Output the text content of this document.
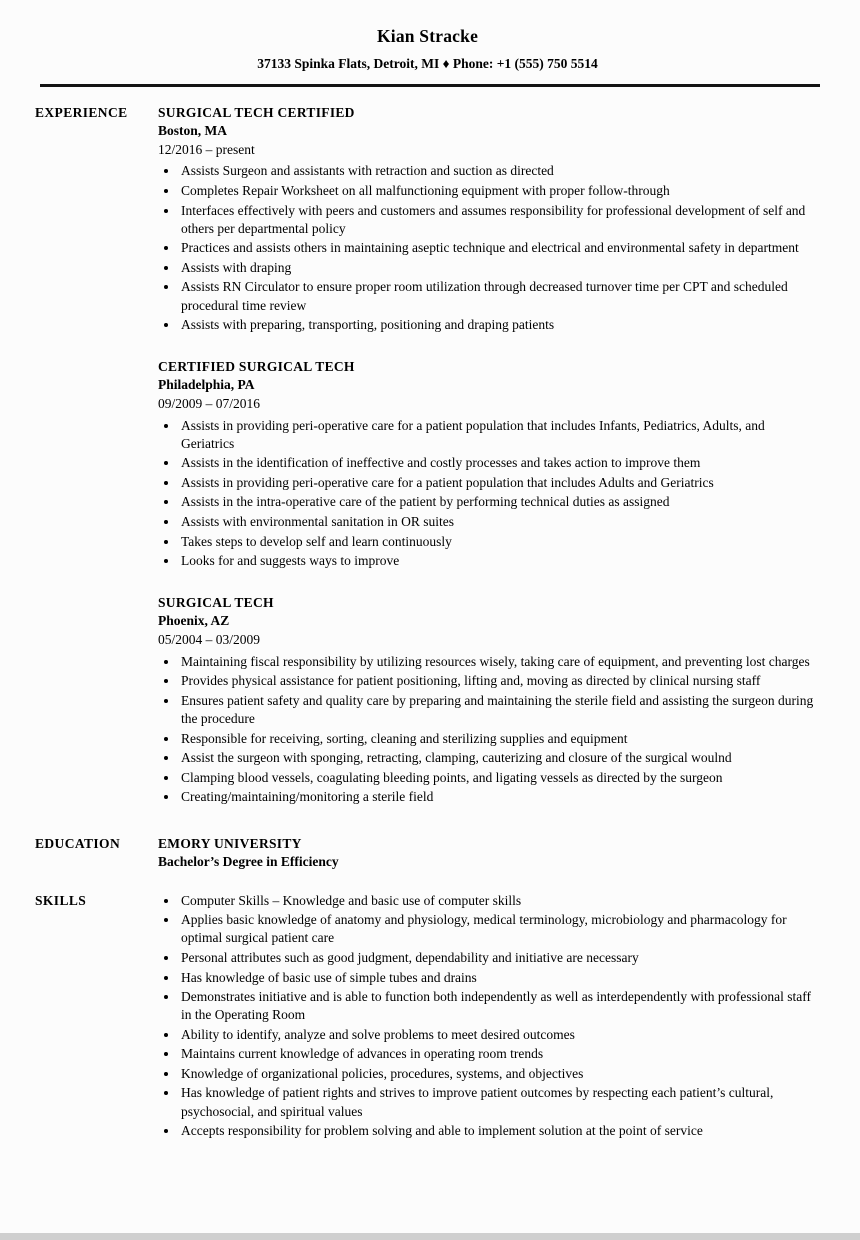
Kian Stracke
37133 Spinka Flats, Detroit, MI ♦ Phone: +1 (555) 750 5514
EXPERIENCE	SURGICAL TECH CERTIFIED
Boston, MA
12/2016 – present
• Assists Surgeon and assistants with retraction and suction as directed
• Completes Repair Worksheet on all malfunctioning equipment with proper follow-through
• Interfaces effectively with peers and customers and assumes responsibility for professional development of self and others per departmental policy
• Practices and assists others in maintaining aseptic technique and electrical and environmental safety in department
• Assists with draping
• Assists RN Circulator to ensure proper room utilization through decreased turnover time per CPT and scheduled procedural time review
• Assists with preparing, transporting, positioning and draping patients
CERTIFIED SURGICAL TECH
Philadelphia, PA
09/2009 – 07/2016
• Assists in providing peri-operative care for a patient population that includes Infants, Pediatrics, Adults, and Geriatrics
• Assists in the identification of ineffective and costly processes and takes action to improve them
• Assists in providing peri-operative care for a patient population that includes Adults and Geriatrics
• Assists in the intra-operative care of the patient by performing technical duties as assigned
• Assists with environmental sanitation in OR suites
• Takes steps to develop self and learn continuously
• Looks for and suggests ways to improve
SURGICAL TECH
Phoenix, AZ
05/2004 – 03/2009
• Maintaining fiscal responsibility by utilizing resources wisely, taking care of equipment, and preventing lost charges
• Provides physical assistance for patient positioning, lifting and, moving as directed by clinical nursing staff
• Ensures patient safety and quality care by preparing and maintaining the sterile field and assisting the surgeon during the procedure
• Responsible for receiving, sorting, cleaning and sterilizing supplies and equipment
• Assist the surgeon with sponging, retracting, clamping, cauterizing and closure of the surgical woulnd
• Clamping blood vessels, coagulating bleeding points, and ligating vessels as directed by the surgeon
• Creating/maintaining/monitoring a sterile field
EDUCATION	EMORY UNIVERSITY
Bachelor’s Degree in Efficiency
SKILLS	• Computer Skills – Knowledge and basic use of computer skills
• Applies basic knowledge of anatomy and physiology, medical terminology, microbiology and pharmacology for optimal surgical patient care
• Personal attributes such as good judgment, dependability and initiative are necessary
• Has knowledge of basic use of simple tubes and drains
• Demonstrates initiative and is able to function both independently as well as interdependently with professional staff in the Operating Room
• Ability to identify, analyze and solve problems to meet desired outcomes
• Maintains current knowledge of advances in operating room trends
• Knowledge of organizational policies, procedures, systems, and objectives
• Has knowledge of patient rights and strives to improve patient outcomes by respecting each patient’s cultural, psychosocial, and spiritual values
• Accepts responsibility for problem solving and able to implement solution at the point of service
